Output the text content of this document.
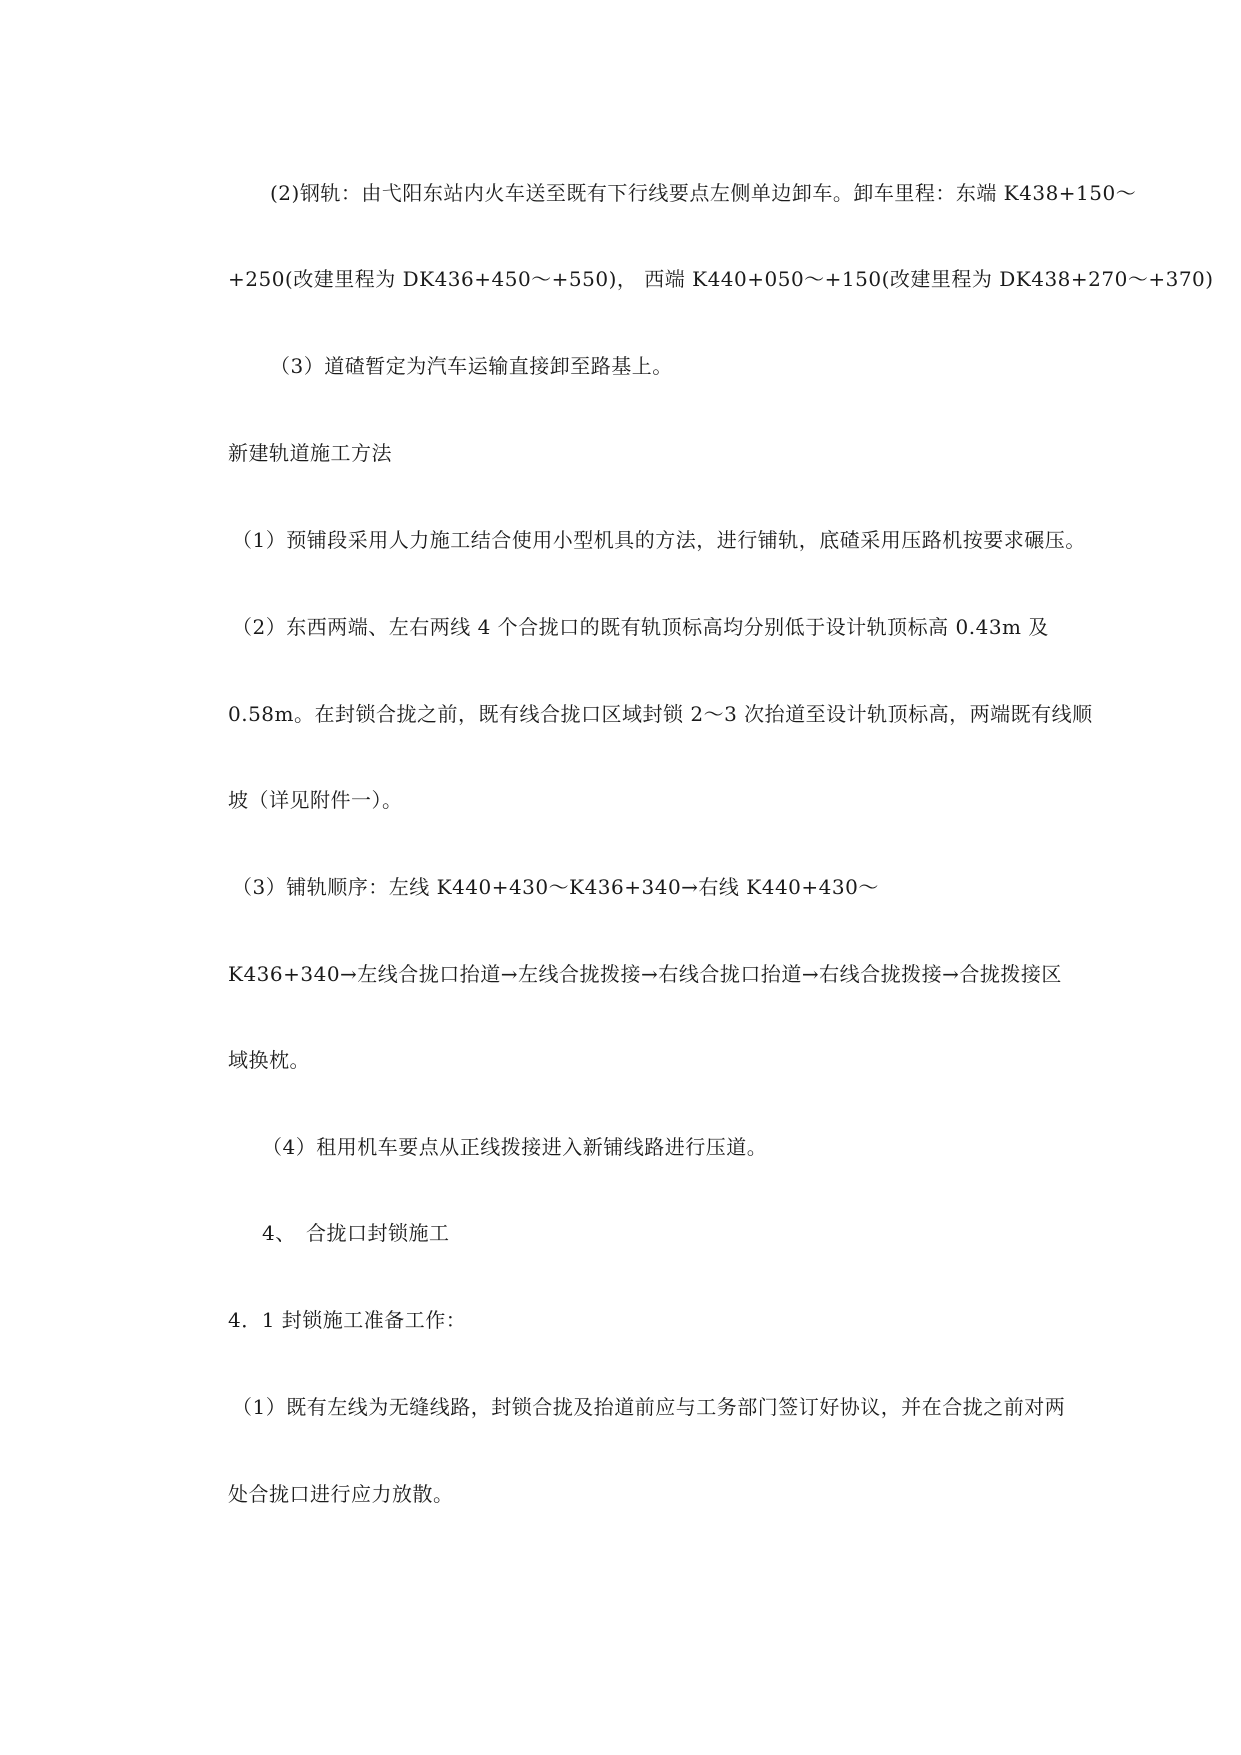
(2)钢轨：由弋阳东站内火车送至既有下行线要点左侧单边卸车。卸车里程：东端 K438+150～
+250(改建里程为 DK436+450～+550)， 西端 K440+050～+150(改建里程为 DK438+270～+370)
（3）道碴暂定为汽车运输直接卸至路基上。
新建轨道施工方法
（1）预铺段采用人力施工结合使用小型机具的方法，进行铺轨，底碴采用压路机按要求碾压。
（2）东西两端、左右两线 4 个合拢口的既有轨顶标高均分别低于设计轨顶标高 0.43m 及
0.58m。在封锁合拢之前，既有线合拢口区域封锁 2～3 次抬道至设计轨顶标高，两端既有线顺
坡（详见附件一）。
（3）铺轨顺序：左线 K440+430～K436+340→右线 K440+430～
K436+340→左线合拢口抬道→左线合拢拨接→右线合拢口抬道→右线合拢拨接→合拢拨接区
域换枕。
（4）租用机车要点从正线拨接进入新铺线路进行压道。
4、 合拢口封锁施工
4．1 封锁施工准备工作：
（1）既有左线为无缝线路，封锁合拢及抬道前应与工务部门签订好协议，并在合拢之前对两
处合拢口进行应力放散。
